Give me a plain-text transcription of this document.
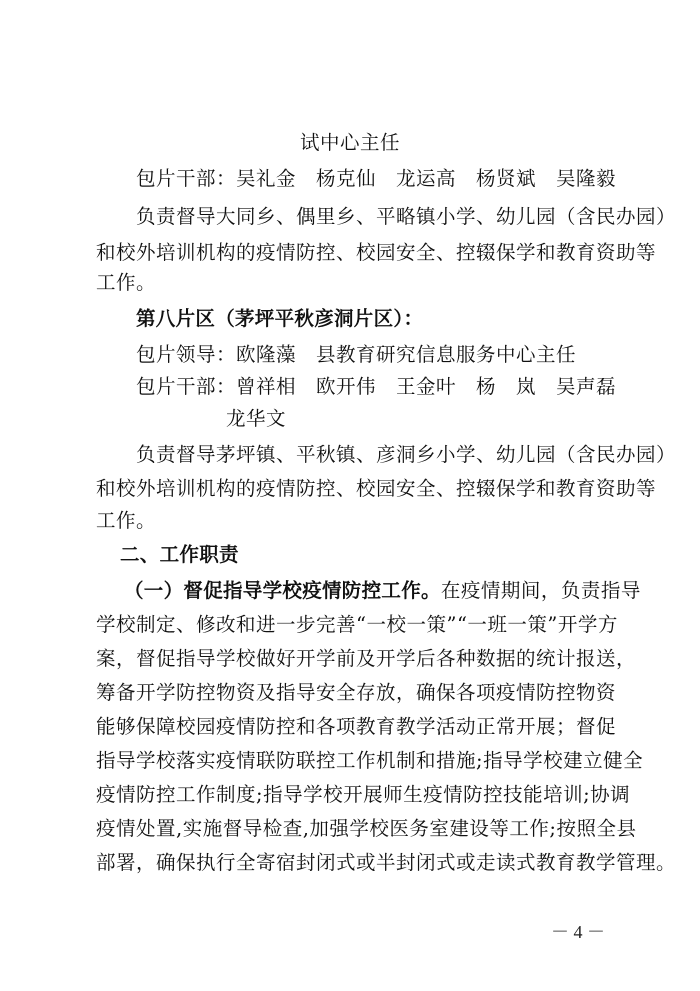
试中心主任
包片干部：吴礼金　杨克仙　龙运高　杨贤斌　吴隆毅
负责督导大同乡、偶里乡、平略镇小学、幼儿园（含民办园）
和校外培训机构的疫情防控、校园安全、控辍保学和教育资助等
工作。
第八片区（茅坪平秋彦洞片区）：
包片领导：欧隆藻　县教育研究信息服务中心主任
包片干部：曾祥相　欧开伟　王金叶　杨　岚　吴声磊
龙华文
负责督导茅坪镇、平秋镇、彦洞乡小学、幼儿园（含民办园）
和校外培训机构的疫情防控、校园安全、控辍保学和教育资助等
工作。
二、工作职责
（一）督促指导学校疫情防控工作。在疫情期间，负责指导
学校制定、修改和进一步完善“一校一策”“一班一策”开学方
案，督促指导学校做好开学前及开学后各种数据的统计报送，
筹备开学防控物资及指导安全存放，确保各项疫情防控物资
能够保障校园疫情防控和各项教育教学活动正常开展；督促
指导学校落实疫情联防联控工作机制和措施;指导学校建立健全
疫情防控工作制度;指导学校开展师生疫情防控技能培训;协调
疫情处置,实施督导检查,加强学校医务室建设等工作;按照全县
部署，确保执行全寄宿封闭式或半封闭式或走读式教育教学管理。
－ 4 －
